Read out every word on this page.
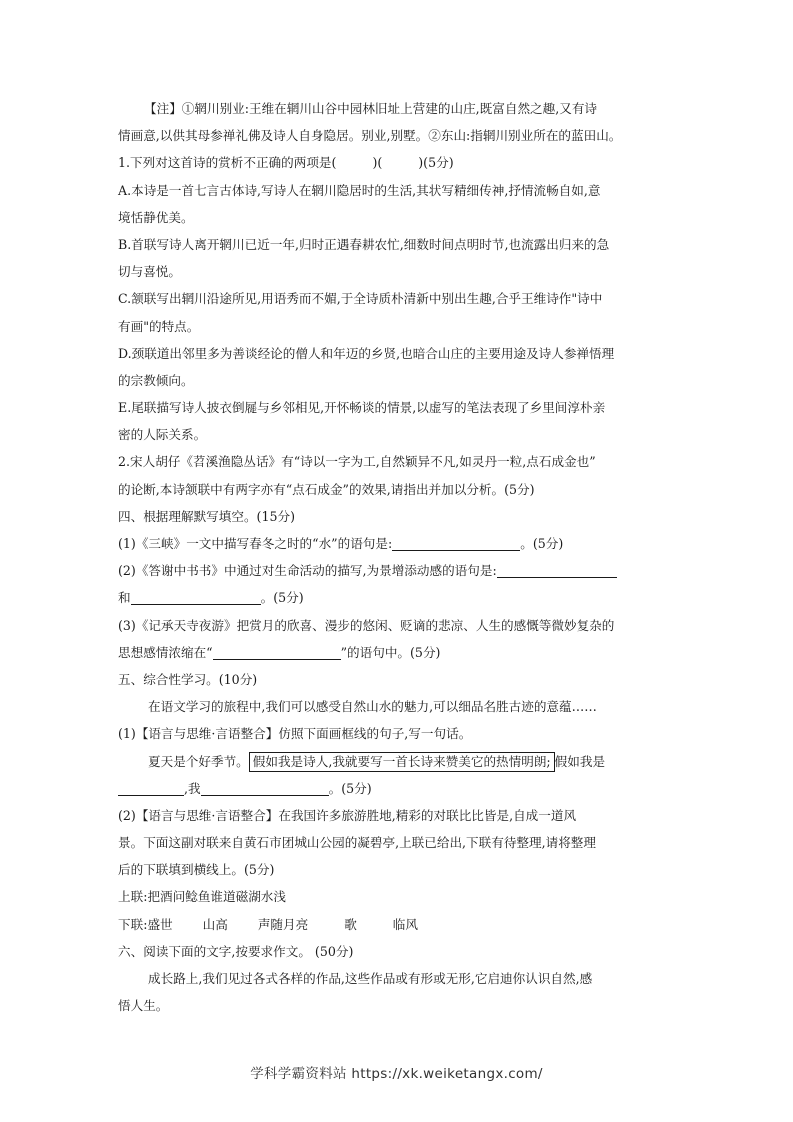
【注】①辋川别业:王维在辋川山谷中园林旧址上营建的山庄,既富自然之趣,又有诗
情画意,以供其母参禅礼佛及诗人自身隐居。别业,别墅。②东山:指辋川别业所在的蓝田山。
1.下列对这首诗的赏析不正确的两项是(	)(	)(5分)
A.本诗是一首七言古体诗,写诗人在辋川隐居时的生活,其状写精细传神,抒情流畅自如,意
境恬静优美。
B.首联写诗人离开辋川已近一年,归时正遇春耕农忙,细数时间点明时节,也流露出归来的急
切与喜悦。
C.颔联写出辋川沿途所见,用语秀而不媚,于全诗质朴清新中别出生趣,合乎王维诗作"诗中
有画"的特点。
D.颈联道出邻里多为善谈经论的僧人和年迈的乡贤,也暗合山庄的主要用途及诗人参禅悟理
的宗教倾向。
E.尾联描写诗人披衣倒屣与乡邻相见,开怀畅谈的情景,以虚写的笔法表现了乡里间淳朴亲
密的人际关系。
2.宋人胡仔《苕溪渔隐丛话》有“诗以一字为工,自然颖异不凡,如灵丹一粒,点石成金也”
的论断,本诗颔联中有两字亦有“点石成金”的效果,请指出并加以分析。(5分)
四、根据理解默写填空。(15分)
(1)《三峡》一文中描写春冬之时的“水”的语句是:	。(5分)
(2)《答谢中书书》中通过对生命活动的描写,为景增添动感的语句是:
和	。(5分)
(3)《记承天寺夜游》把赏月的欣喜、漫步的悠闲、贬谪的悲凉、人生的感慨等微妙复杂的
思想感情浓缩在“	”的语句中。(5分)
五、综合性学习。(10分)
在语文学习的旅程中,我们可以感受自然山水的魅力,可以细品名胜古迹的意蕴……
(1)【语言与思维·言语整合】仿照下面画框线的句子,写一句话。
夏天是个好季节。 假如我是诗人,我就要写一首长诗来赞美它的热情明朗; 假如我是
,我	。(5分)
(2)【语言与思维·言语整合】在我国许多旅游胜地,精彩的对联比比皆是,自成一道风
景。下面这副对联来自黄石市团城山公园的凝碧亭,上联已给出,下联有待整理,请将整理
后的下联填到横线上。(5分)
上联:把酒问鲶鱼谁道磁湖水浅
下联:盛世 山高 声随月亮	歌	临风
六、阅读下面的文字,按要求作文。 (50分)
成长路上,我们见过各式各样的作品,这些作品或有形或无形,它启迪你认识自然,感
悟人生。
学科学霸资料站 https://xk.weiketangx.com/
